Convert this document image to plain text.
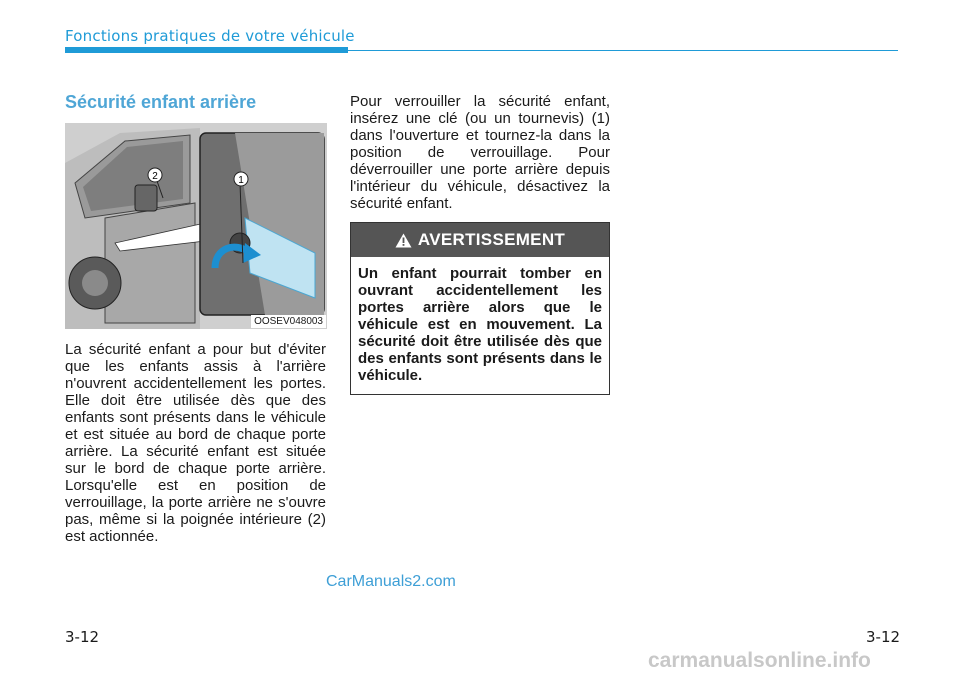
Fonctions pratiques de votre véhicule
Sécurité enfant arrière
1
2
OOSEV048003
La sécurité enfant a pour but d'éviter que les enfants assis à l'arrière n'ouvrent accidentellement les portes. Elle doit être utilisée dès que des enfants sont présents dans le véhicule et est située au bord de chaque porte arrière. La sécurité enfant est située sur le bord de chaque porte arrière. Lorsqu'elle est en position de verrouillage, la porte arrière ne s'ouvre pas, même si la poignée intérieure (2) est actionnée.
Pour verrouiller la sécurité enfant, insérez une clé (ou un tournevis) (1) dans l'ouverture et tournez-la dans la position de verrouillage. Pour déverrouiller une porte arrière depuis l'intérieur du véhicule, désactivez la sécurité enfant.
AVERTISSEMENT
Un enfant pourrait tomber en ouvrant accidentellement les portes arrière alors que le véhicule est en mouvement. La sécurité doit être utilisée dès que des enfants sont présents dans le véhicule.
CarManuals2.com
3-12	3-12
carmanualsonline.info
